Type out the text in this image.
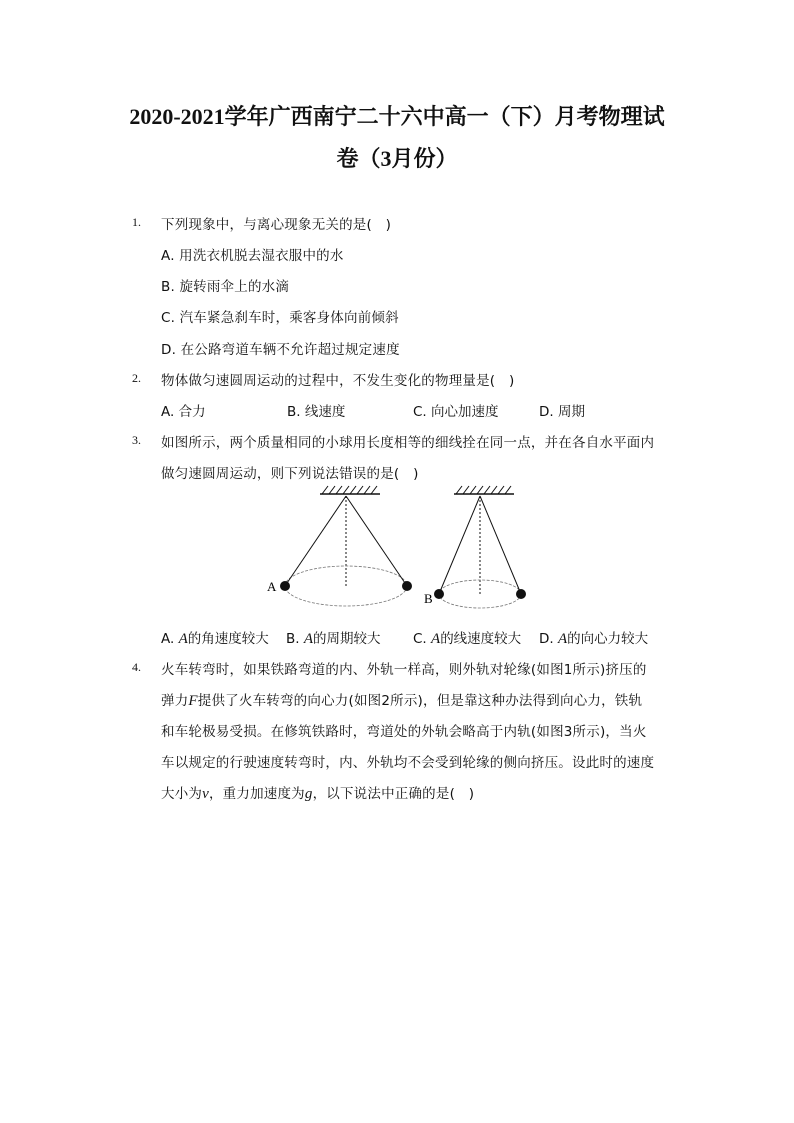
2020-2021学年广西南宁二十六中高一（下）月考物理试
卷（3月份）
1. 下列现象中，与离心现象无关的是(　)
A. 用洗衣机脱去湿衣服中的水
B. 旋转雨伞上的水滴
C. 汽车紧急刹车时，乘客身体向前倾斜
D. 在公路弯道车辆不允许超过规定速度
2. 物体做匀速圆周运动的过程中，不发生变化的物理量是(　)
A. 合力	B. 线速度	C. 向心加速度	D. 周期
3. 如图所示，两个质量相同的小球用长度相等的细线拴在同一点，并在各自水平面内
做匀速圆周运动，则下列说法错误的是(　)
A
B
A. A的角速度较大 B. A的周期较大 C. A的线速度较大 D. A的向心力较大
4. 火车转弯时，如果铁路弯道的内、外轨一样高，则外轨对轮缘(如图1所示)挤压的
弹力F提供了火车转弯的向心力(如图2所示)，但是靠这种办法得到向心力，铁轨
和车轮极易受损。在修筑铁路时，弯道处的外轨会略高于内轨(如图3所示)，当火
车以规定的行驶速度转弯时，内、外轨均不会受到轮缘的侧向挤压。设此时的速度
大小为v，重力加速度为g，以下说法中正确的是(　)
